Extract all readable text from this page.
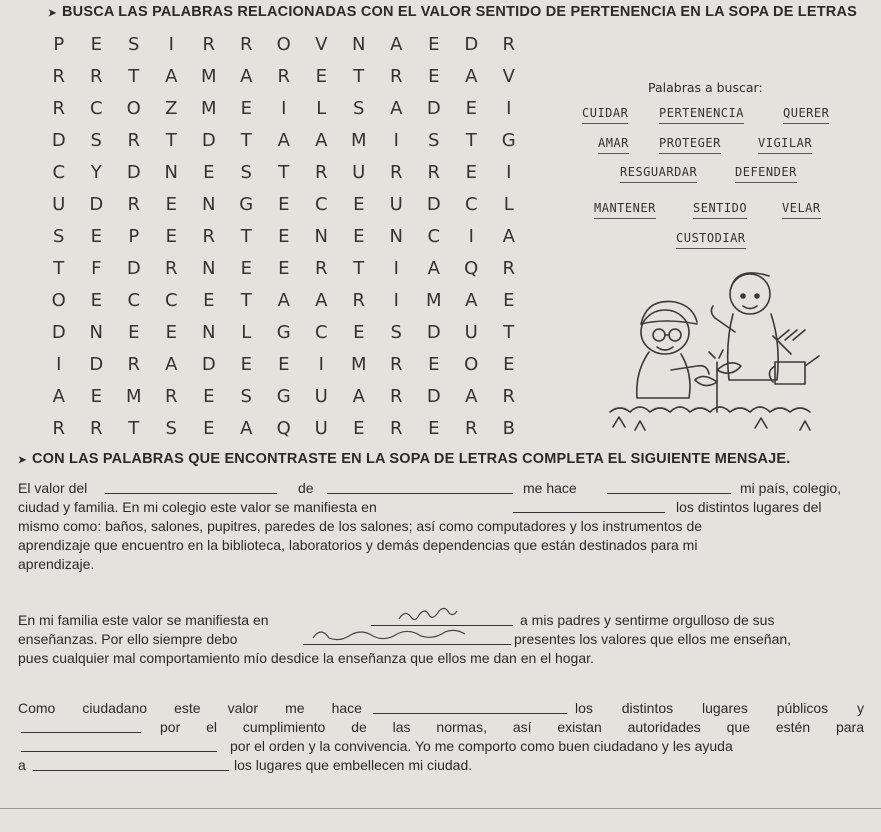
➤ BUSCA LAS PALABRAS RELACIONADAS CON EL VALOR SENTIDO DE PERTENENCIA EN LA SOPA DE LETRAS
P	E	S	I	R	R	O	V	N	A	E	D	R
R	R	T	A	M	A	R	E	T	R	E	A	V
R	C	O	Z	M	E	I	L	S	A	D	E	I
D	S	R	T	D	T	A	A	M	I	S	T	G
C	Y	D	N	E	S	T	R	U	R	R	E	I
U	D	R	E	N	G	E	C	E	U	D	C	L
S	E	P	E	R	T	E	N	E	N	C	I	A
T	F	D	R	N	E	E	R	T	I	A	Q	R
O	E	C	C	E	T	A	A	R	I	M	A	E
D	N	E	E	N	L	G	C	E	S	D	U	T
I	D	R	A	D	E	E	I	M	R	E	O	E
A	E	M	R	E	S	G	U	A	R	D	A	R
R	R	T	S	E	A	Q	U	E	R	E	R	B
Palabras a buscar:
CUIDAR	PERTENENCIA	QUERER
AMAR	PROTEGER	VIGILAR
RESGUARDAR	DEFENDER
MANTENER	SENTIDO	VELAR
CUSTODIAR
➤ CON LAS PALABRAS QUE ENCONTRASTE EN LA SOPA DE LETRAS COMPLETA EL SIGUIENTE MENSAJE.
El valor del	de	me hace	mi país, colegio,
ciudad y familia. En mi colegio este valor se manifiesta en	los distintos lugares del
mismo como: baños, salones, pupitres, paredes de los salones; así como computadores y los instrumentos de
aprendizaje que encuentro en la biblioteca, laboratorios y demás dependencias que están destinados para mi
aprendizaje.
En mi familia este valor se manifiesta en	a mis padres y sentirme orgulloso de sus
enseñanzas. Por ello siempre debo	presentes los valores que ellos me enseñan,
pues cualquier mal comportamiento mío desdice la enseñanza que ellos me dan en el hogar.
Como ciudadano este valor me hace	los distintos lugares públicos y
por el cumplimiento de las normas, así existan autoridades que estén para
por el orden y la convivencia. Yo me comporto como buen ciudadano y les ayuda
a	los lugares que embellecen mi ciudad.
